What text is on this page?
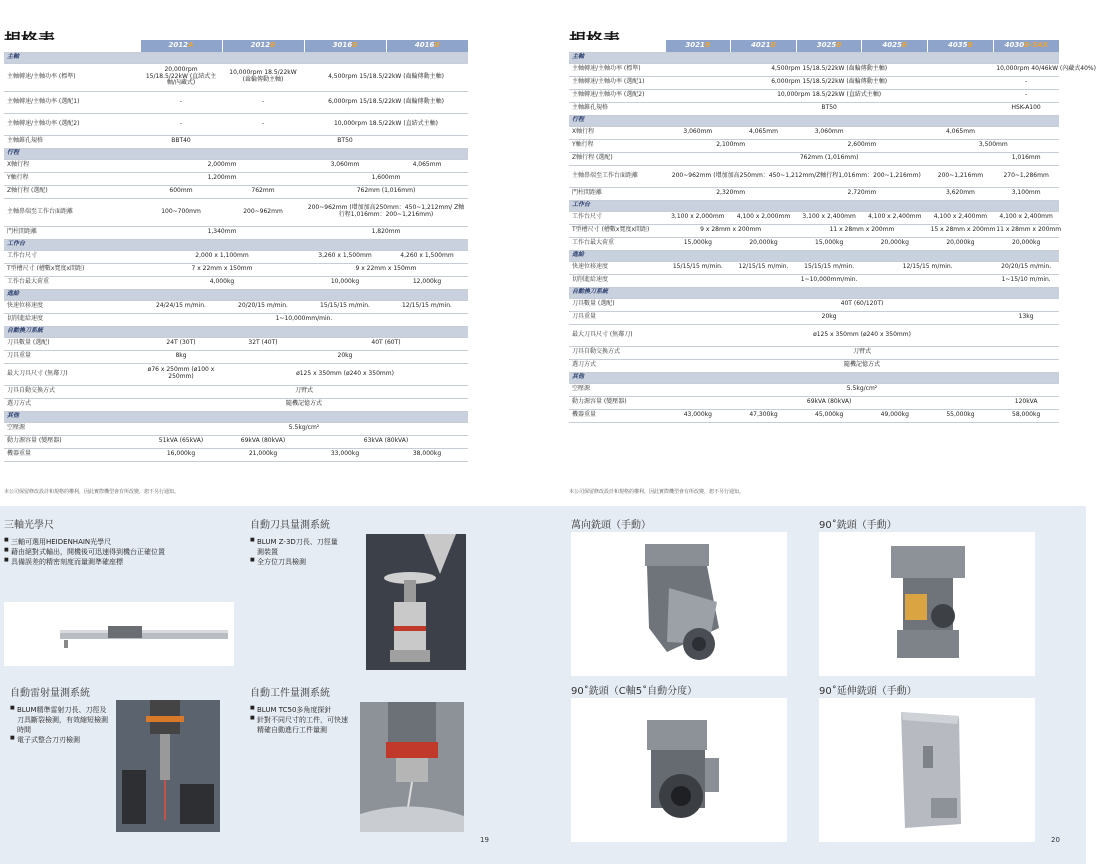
	2012A	2012B	3016B	4016B
主軸				
主軸轉速/主軸功率 (標準)	20,000rpm 15/18.5/22kW (直結式主軸/內藏式)	10,000rpm 18.5/22kW (齒輪傳動主軸)	4,500rpm 15/18.5/22kW (齒輪傳動主軸)	
主軸轉速/主軸功率 (選配1)	-	-	6,000rpm 15/18.5/22kW (齒輪傳動主軸)	
主軸轉速/主軸功率 (選配2)	-	-	10,000rpm 18.5/22kW (直結式主軸)	
主軸錐孔規格	BBT40	BT50		
行程				
X軸行程	2,000mm		3,060mm	4,065mm
Y軸行程	1,200mm		1,600mm	
Z軸行程 (選配)	600mm	762mm	762mm (1,016mm)	
主軸鼻端至工作台面距離	100~700mm	200~962mm	200~962mm (增加加高250mm：450~1,212mm/ Z軸行程1,016mm：200~1,216mm)	
門柱間距離	1,340mm		1,820mm	
工作台				
工作台尺寸	2,000 x 1,100mm		3,260 x 1,500mm	4,260 x 1,500mm
T型槽尺寸 (槽數x寬度x間距)	7 x 22mm x 150mm		9 x 22mm x 150mm	
工作台最大荷重	4,000kg		10,000kg	12,000kg
進給				
快速位移速度	24/24/15 m/min.	20/20/15 m/min.	15/15/15 m/min.	12/15/15 m/min.
切削進給速度	1~10,000mm/min.			
自動換刀系統				
刀具數量 (選配)	24T (30T)	32T (40T)	40T (60T)	
刀具重量	8kg	20kg		
最大刀具尺寸 (無鄰刀)	ø76 x 250mm (ø100 x 250mm)	ø125 x 350mm (ø240 x 350mm)		
刀具自動交換方式	刀臂式			
選刀方式	隨機記憶方式			
其他				
空壓源	5.5kg/cm²			
動力源容量 (變壓器)	51kVA (65kVA)	69kVA (80kVA)	63kVA (80kVA)	
機器重量	16,000kg	21,000kg	33,000kg	38,000kg
本公司保留修改設計和規格的權利，因此實際機型會有所改變，恕不另行通知。
三軸光學尺
■ 三軸可選用HEIDENHAIN光學尺
■ 藉由絕對式輸出，開機後可迅速得到機台正確位置
■ 具備誤差的精密刻度而量測準確座標
自動刀具量測系統
■ BLUM Z-3D刀長、刀徑量測裝置
■ 全方位刀具檢測
自動雷射量測系統
■ BLUM精準雷射刀長、刀徑及刀具斷裂檢測，有效縮短檢測時間
■ 電子式整合刀刃檢測
自動工件量測系統
■ BLUM TC50多角度探針
■ 針對不同尺寸的工件，可快速精確自動進行工件量測
19
	3021B	4021B	3025B	4025B	4035B	4030B-5AX
主軸						
主軸轉速/主軸功率 (標準)	4,500rpm 15/18.5/22kW (齒輪傳動主軸)					10,000rpm 40/46kW (內藏式40%)
主軸轉速/主軸功率 (選配1)	6,000rpm 15/18.5/22kW (齒輪傳動主軸)					-
主軸轉速/主軸功率 (選配2)	10,000rpm 18.5/22kW (直結式主軸)					-
主軸錐孔規格	BT50					HSK-A100
行程						
X軸行程	3,060mm	4,065mm	3,060mm	4,065mm		
Y軸行程	2,100mm		2,600mm		3,500mm	
Z軸行程 (選配)	762mm (1,016mm)					1,016mm
主軸鼻端至工作台面距離	200~962mm (增加加高250mm：450~1,212mm/Z軸行程1,016mm：200~1,216mm)				200~1,216mm	270~1,286mm
門柱間距離	2,320mm		2,720mm		3,620mm	3,100mm
工作台						
工作台尺寸	3,100 x 2,000mm	4,100 x 2,000mm	3,100 x 2,400mm	4,100 x 2,400mm	4,100 x 2,400mm	4,100 x 2,400mm
T型槽尺寸 (槽數x寬度x間距)	9 x 28mm x 200mm		11 x 28mm x 200mm		15 x 28mm x 200mm	11 x 28mm x 200mm
工作台最大荷重	15,000kg	20,000kg	15,000kg	20,000kg	20,000kg	20,000kg
進給						
快速位移速度	15/15/15 m/min.	12/15/15 m/min.	15/15/15 m/min.	12/15/15 m/min.		20/20/15 m/min.
切削進給速度	1~10,000mm/min.					1~15/10 m/min.
自動換刀系統						
刀具數量 (選配)	40T (60/120T)					
刀具重量	20kg					13kg
最大刀具尺寸 (無鄰刀)	ø125 x 350mm (ø240 x 350mm)					
刀具自動交換方式	刀臂式					
選刀方式	隨機記憶方式					
其他						
空壓源	5.5kg/cm²					
動力源容量 (變壓器)	69kVA (80kVA)					120kVA
機器重量	43,000kg	47,300kg	45,000kg	49,000kg	55,000kg	58,000kg
本公司保留修改設計和規格的權利，因此實際機型會有所改變，恕不另行通知。
萬向銑頭（手動）	90˚銑頭（手動）
90˚銑頭（C軸5˚自動分度）	90˚延伸銑頭（手動）
20
